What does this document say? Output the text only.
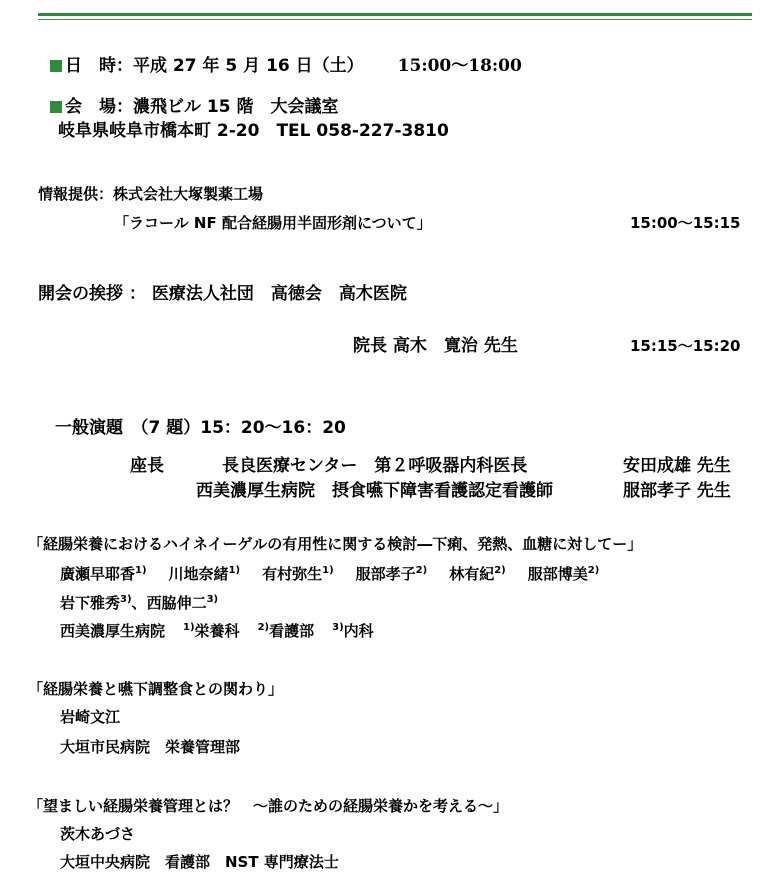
日　時：平成 27 年 5 月 16 日（土） 15:00〜18:00
会　場：濃飛ビル 15 階　大会議室
岐阜県岐阜市橋本町 2-20　TEL 058-227-3810
情報提供：株式会社大塚製薬工場
「ラコール NF 配合経腸用半固形剤について」	15:00〜15:15
開会の挨拶 ： 医療法人社団　高徳会　高木医院
院長 高木　寛治 先生	15:15〜15:20
一般演題　（7 題）15：20〜16：20
座長	長良医療センター　第２呼吸器内科医長	安田成雄 先生
西美濃厚生病院　摂食嚥下障害看護認定看護師	服部孝子 先生
「経腸栄養におけるハイネイーゲルの有用性に関する検討―下痢、発熱、血糖に対してー」
廣瀬早耶香$^{1)}$ 川地奈緒$^{1)}$ 有村弥生$^{1)}$ 服部孝子$^{2)}$ 林有紀$^{2)}$ 服部博美$^{2)}$
岩下雅秀$^{3)}$、西脇伸二$^{3)}$
西美濃厚生病院 $^{1)}$栄養科 $^{2)}$看護部 $^{3)}$内科
「経腸栄養と嚥下調整食との関わり」
岩崎文江
大垣市民病院　栄養管理部
「望ましい経腸栄養管理とは？　〜誰のための経腸栄養かを考える〜」
茨木あづさ
大垣中央病院　看護部　NST 専門療法士
